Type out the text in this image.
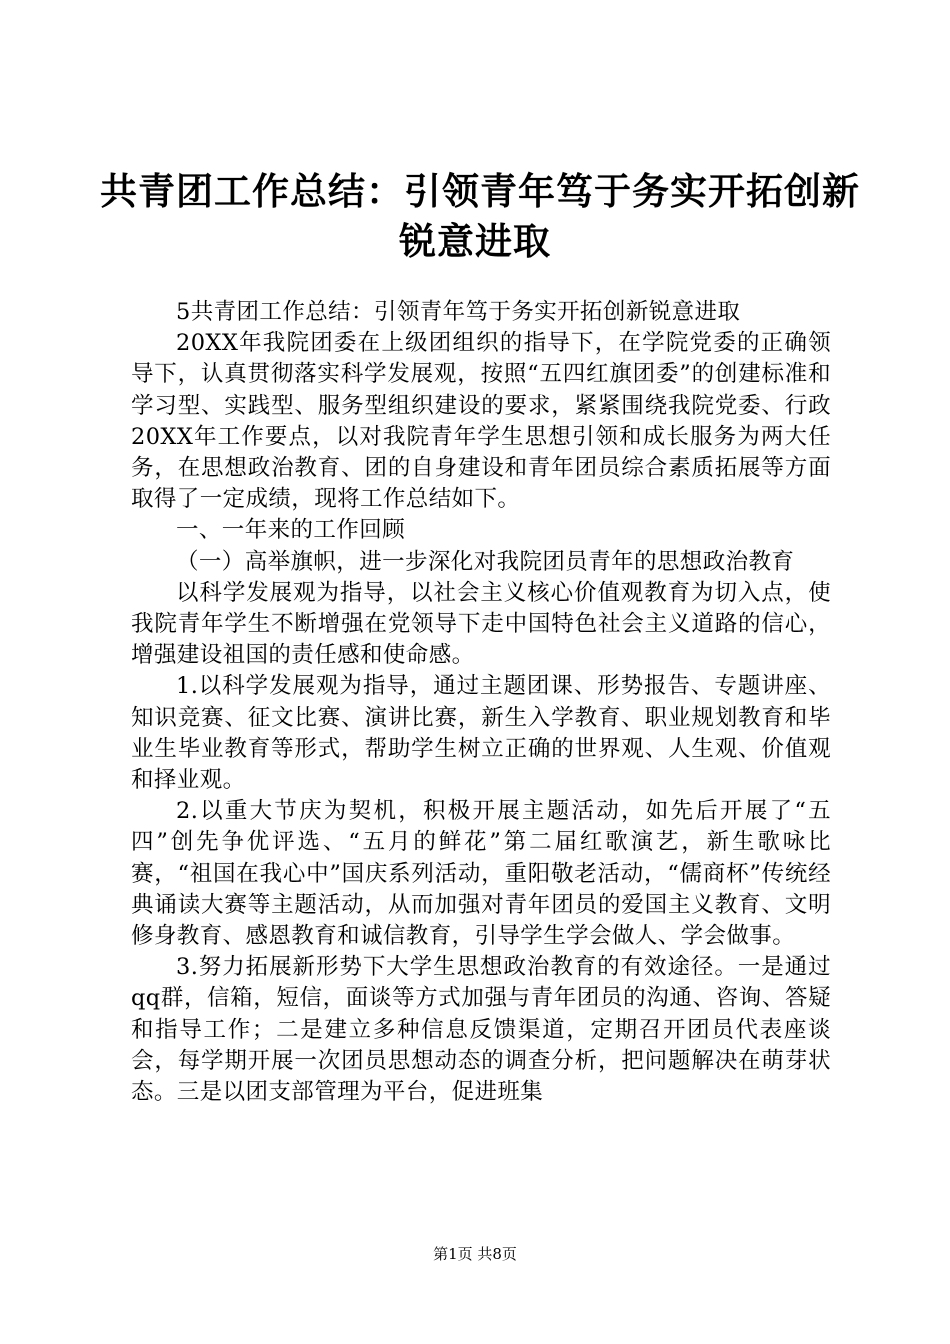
共青团工作总结：引领青年笃于务实开拓创新
锐意进取

5共青团工作总结：引领青年笃于务实开拓创新锐意进取

20XX年我院团委在上级团组织的指导下，在学院党委的正确领导下，认真贯彻落实科学发展观，按照“五四红旗团委”的创建标准和学习型、实践型、服务型组织建设的要求，紧紧围绕我院党委、行政20XX年工作要点，以对我院青年学生思想引领和成长服务为两大任务，在思想政治教育、团的自身建设和青年团员综合素质拓展等方面取得了一定成绩，现将工作总结如下。

一、一年来的工作回顾

（一）高举旗帜，进一步深化对我院团员青年的思想政治教育

以科学发展观为指导，以社会主义核心价值观教育为切入点，使我院青年学生不断增强在党领导下走中国特色社会主义道路的信心，增强建设祖国的责任感和使命感。

1.以科学发展观为指导，通过主题团课、形势报告、专题讲座、知识竞赛、征文比赛、演讲比赛，新生入学教育、职业规划教育和毕业生毕业教育等形式，帮助学生树立正确的世界观、人生观、价值观和择业观。

2.以重大节庆为契机，积极开展主题活动，如先后开展了“五四”创先争优评选、“五月的鲜花”第二届红歌演艺，新生歌咏比赛，“祖国在我心中”国庆系列活动，重阳敬老活动，“儒商杯”传统经典诵读大赛等主题活动，从而加强对青年团员的爱国主义教育、文明修身教育、感恩教育和诚信教育，引导学生学会做人、学会做事。

3.努力拓展新形势下大学生思想政治教育的有效途径。一是通过qq群，信箱，短信，面谈等方式加强与青年团员的沟通、咨询、答疑和指导工作；二是建立多种信息反馈渠道，定期召开团员代表座谈会，每学期开展一次团员思想动态的调查分析，把问题解决在萌芽状态。三是以团支部管理为平台，促进班集

第1页 共8页
